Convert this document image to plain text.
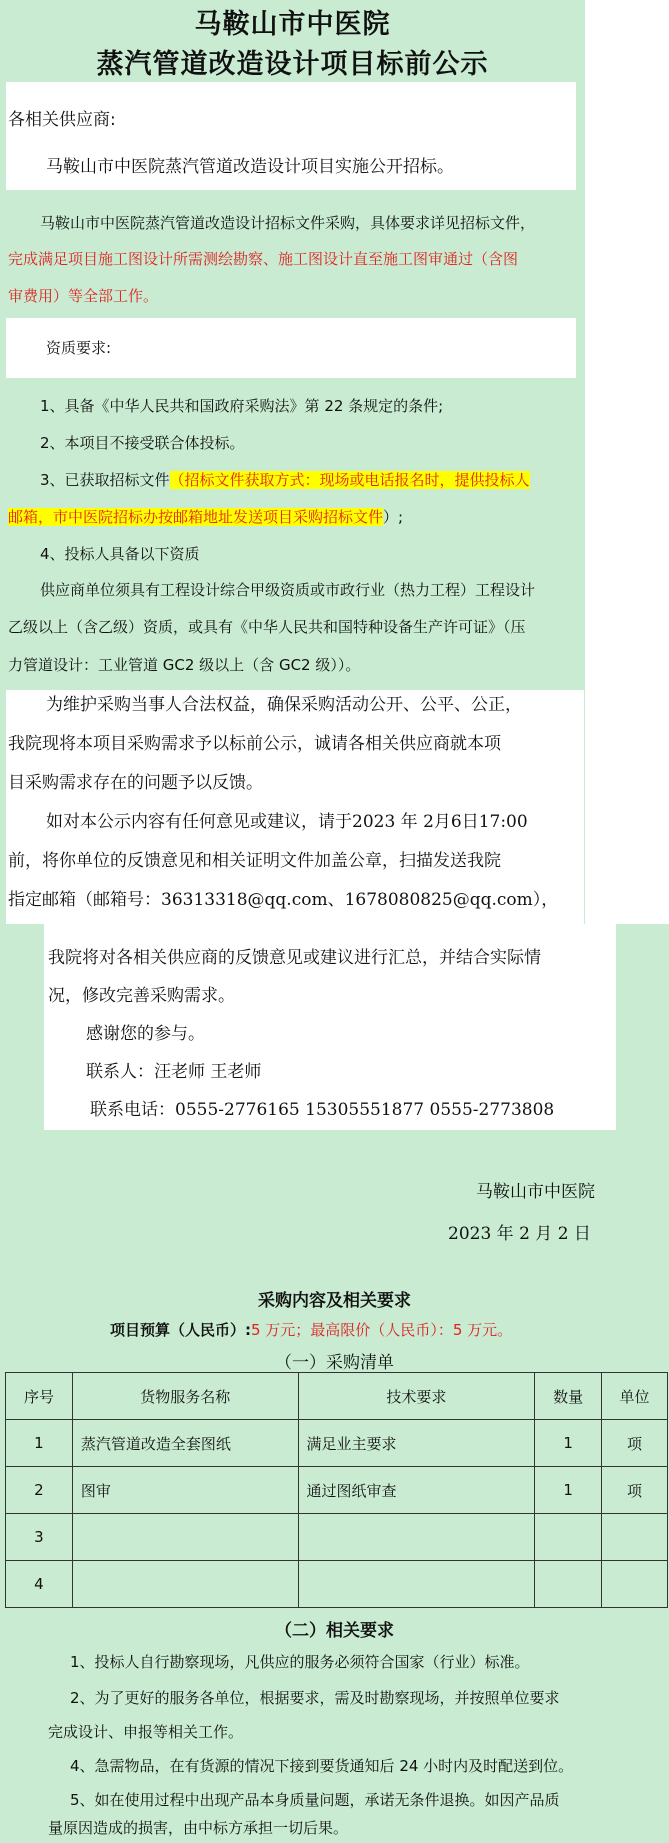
马鞍山市中医院
蒸汽管道改造设计项目标前公示
各相关供应商:
马鞍山市中医院蒸汽管道改造设计项目实施公开招标。
马鞍山市中医院蒸汽管道改造设计招标文件采购，具体要求详见招标文件，
完成满足项目施工图设计所需测绘勘察、施工图设计直至施工图审通过（含图
审费用）等全部工作。
资质要求:
1、具备《中华人民共和国政府采购法》第 22 条规定的条件;
2、本项目不接受联合体投标。
3、已获取招标文件（招标文件获取方式：现场或电话报名时，提供投标人
邮箱，市中医院招标办按邮箱地址发送项目采购招标文件）;
4、投标人具备以下资质
供应商单位须具有工程设计综合甲级资质或市政行业（热力工程）工程设计
乙级以上（含乙级）资质，或具有《中华人民共和国特种设备生产许可证》（压
力管道设计：工业管道 GC2 级以上（含 GC2 级））。
为维护采购当事人合法权益，确保采购活动公开、公平、公正，
我院现将本项目采购需求予以标前公示，诚请各相关供应商就本项
目采购需求存在的问题予以反馈。
如对本公示内容有任何意见或建议，请于2023 年 2月6日17:00
前，将你单位的反馈意见和相关证明文件加盖公章，扫描发送我院
指定邮箱（邮箱号：36313318@qq.com、1678080825@qq.com），
我院将对各相关供应商的反馈意见或建议进行汇总，并结合实际情
况，修改完善采购需求。
感谢您的参与。
联系人：汪老师 王老师
联系电话：0555-2776165 15305551877 0555-2773808
马鞍山市中医院
2023 年 2 月 2 日
采购内容及相关要求
项目预算（人民币）:5 万元；最高限价（人民币）：5 万元。
（一）采购清单
序号	货物服务名称	技术要求	数量	单位
1	蒸汽管道改造全套图纸	满足业主要求	1	项
2	图审	通过图纸审查	1	项
3				
4				
（二）相关要求
1、投标人自行勘察现场，凡供应的服务必须符合国家（行业）标准。
2、为了更好的服务各单位，根据要求，需及时勘察现场，并按照单位要求
完成设计、申报等相关工作。
4、急需物品，在有货源的情况下接到要货通知后 24 小时内及时配送到位。
5、如在使用过程中出现产品本身质量问题，承诺无条件退换。如因产品质
量原因造成的损害，由中标方承担一切后果。
